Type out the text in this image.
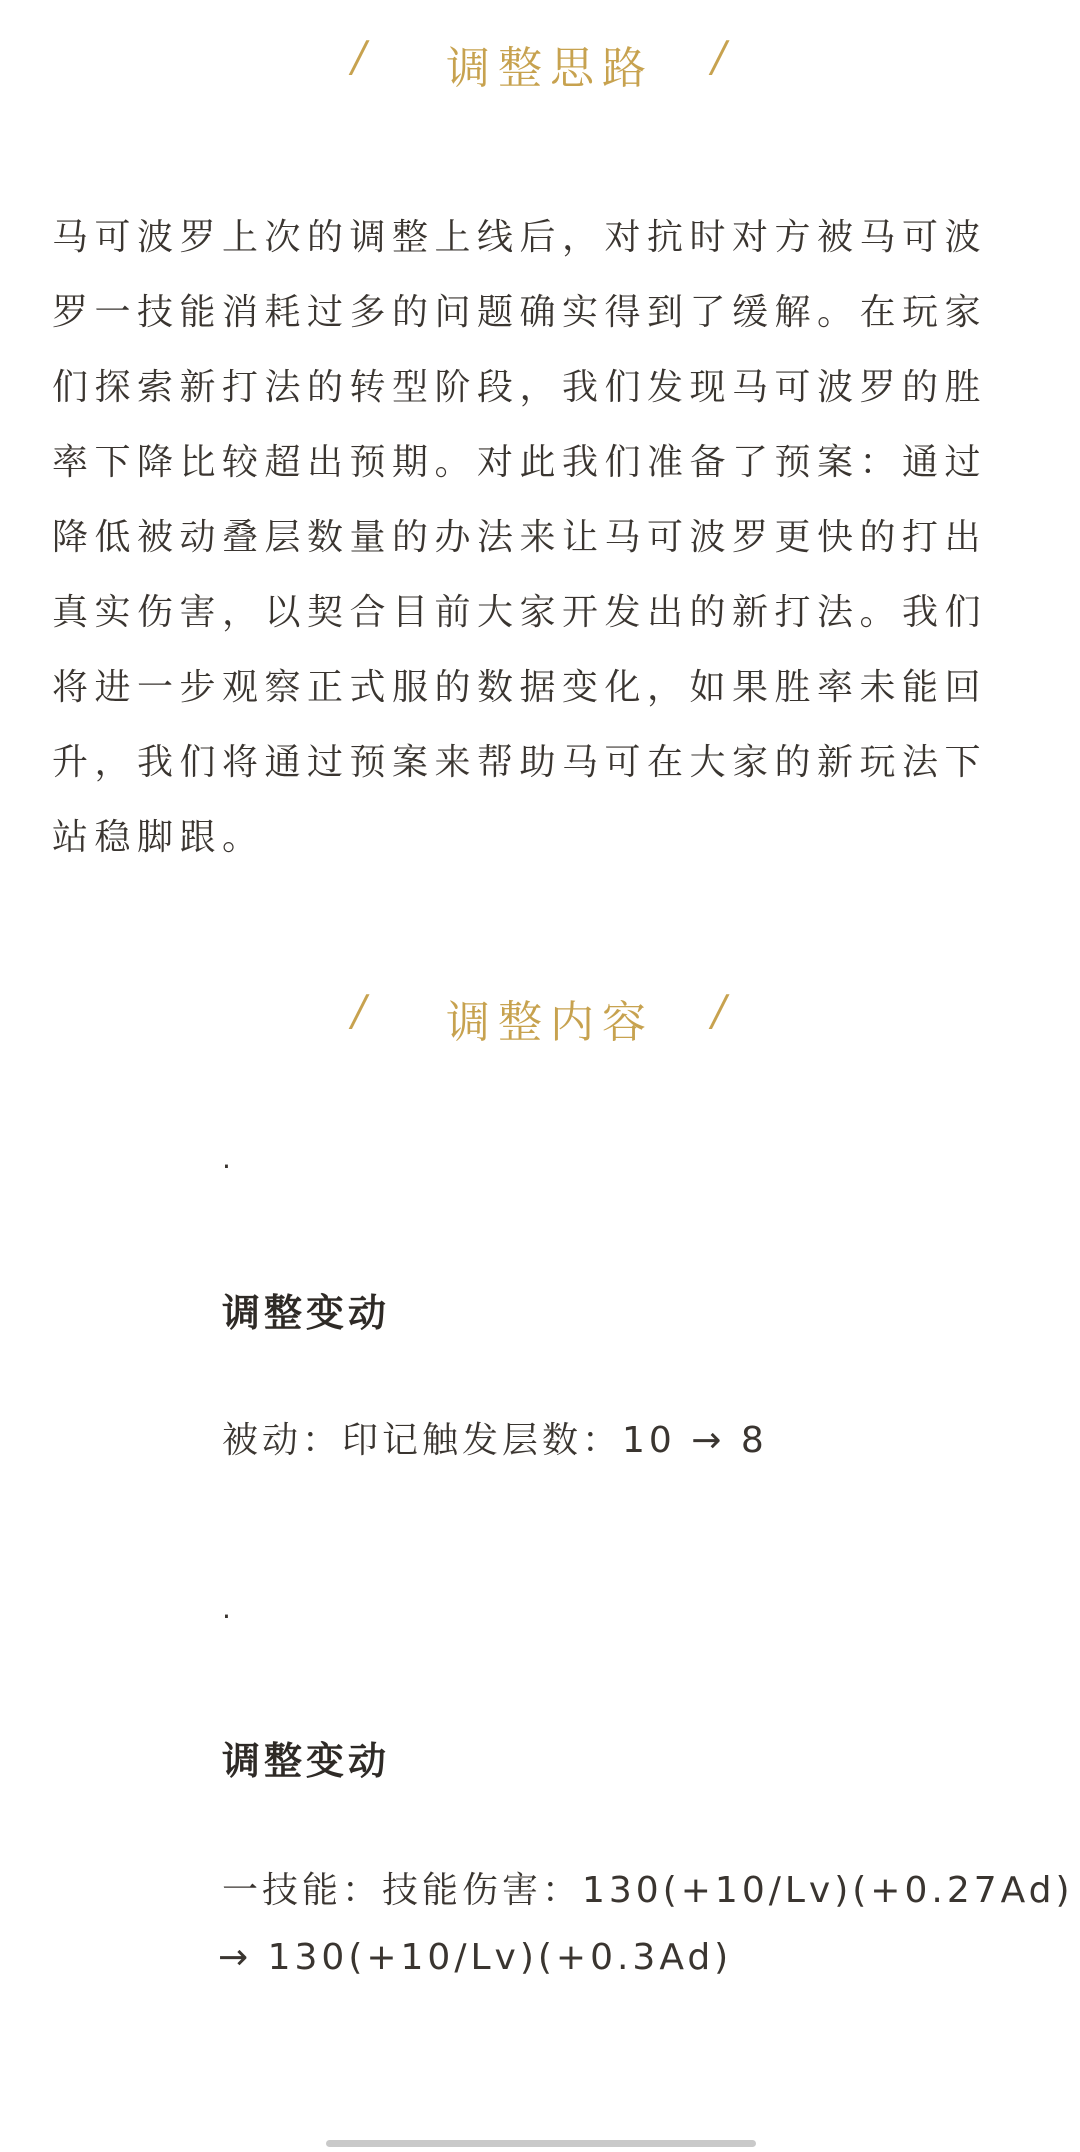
/ 调整思路 /
马可波罗上次的调整上线后，对抗时对方被马可波罗一技能消耗过多的问题确实得到了缓解。在玩家们探索新打法的转型阶段，我们发现马可波罗的胜率下降比较超出预期。对此我们准备了预案：通过降低被动叠层数量的办法来让马可波罗更快的打出真实伤害，以契合目前大家开发出的新打法。我们将进一步观察正式服的数据变化，如果胜率未能回升，我们将通过预案来帮助马可在大家的新玩法下站稳脚跟。
/ 调整内容 /
·
调整变动
被动：印记触发层数：10 → 8
·
调整变动
一技能：技能伤害：130(+10/Lv)(+0.27Ad)
→ 130(+10/Lv)(+0.3Ad)
